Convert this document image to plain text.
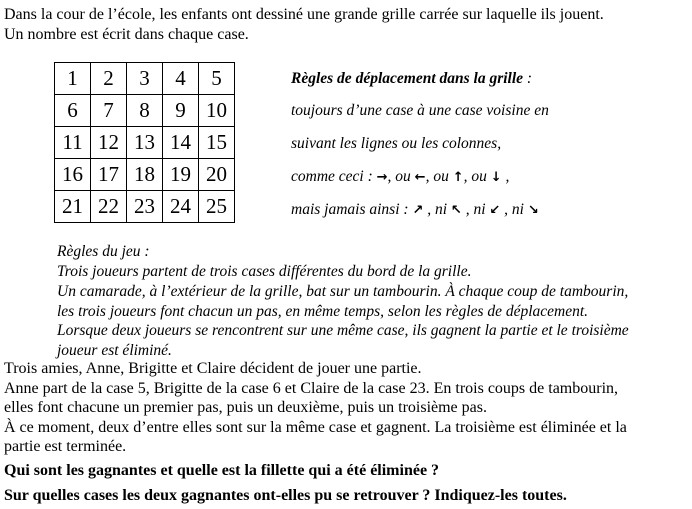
Dans la cour de l’école, les enfants ont dessiné une grande grille carrée sur laquelle ils jouent.
Un nombre est écrit dans chaque case.
1	2	3	4	5
6	7	8	9	10
11	12	13	14	15
16	17	18	19	20
21	22	23	24	25
Règles de déplacement dans la grille :
toujours d’une case à une case voisine en
suivant les lignes ou les colonnes,
comme ceci : →, ou ←, ou ↑, ou ↓ ,
mais jamais ainsi : ↗ , ni ↖ , ni ↙ , ni ↘
Règles du jeu :
Trois joueurs partent de trois cases différentes du bord de la grille.
Un camarade, à l’extérieur de la grille, bat sur un tambourin. À chaque coup de tambourin,
les trois joueurs font chacun un pas, en même temps, selon les règles de déplacement.
Lorsque deux joueurs se rencontrent sur une même case, ils gagnent la partie et le troisième
joueur est éliminé.
Trois amies, Anne, Brigitte et Claire décident de jouer une partie.
Anne part de la case 5, Brigitte de la case 6 et Claire de la case 23. En trois coups de tambourin,
elles font chacune un premier pas, puis un deuxième, puis un troisième pas.
À ce moment, deux d’entre elles sont sur la même case et gagnent. La troisième est éliminée et la
partie est terminée.
Qui sont les gagnantes et quelle est la fillette qui a été éliminée ?
Sur quelles cases les deux gagnantes ont-elles pu se retrouver ? Indiquez-les toutes.
